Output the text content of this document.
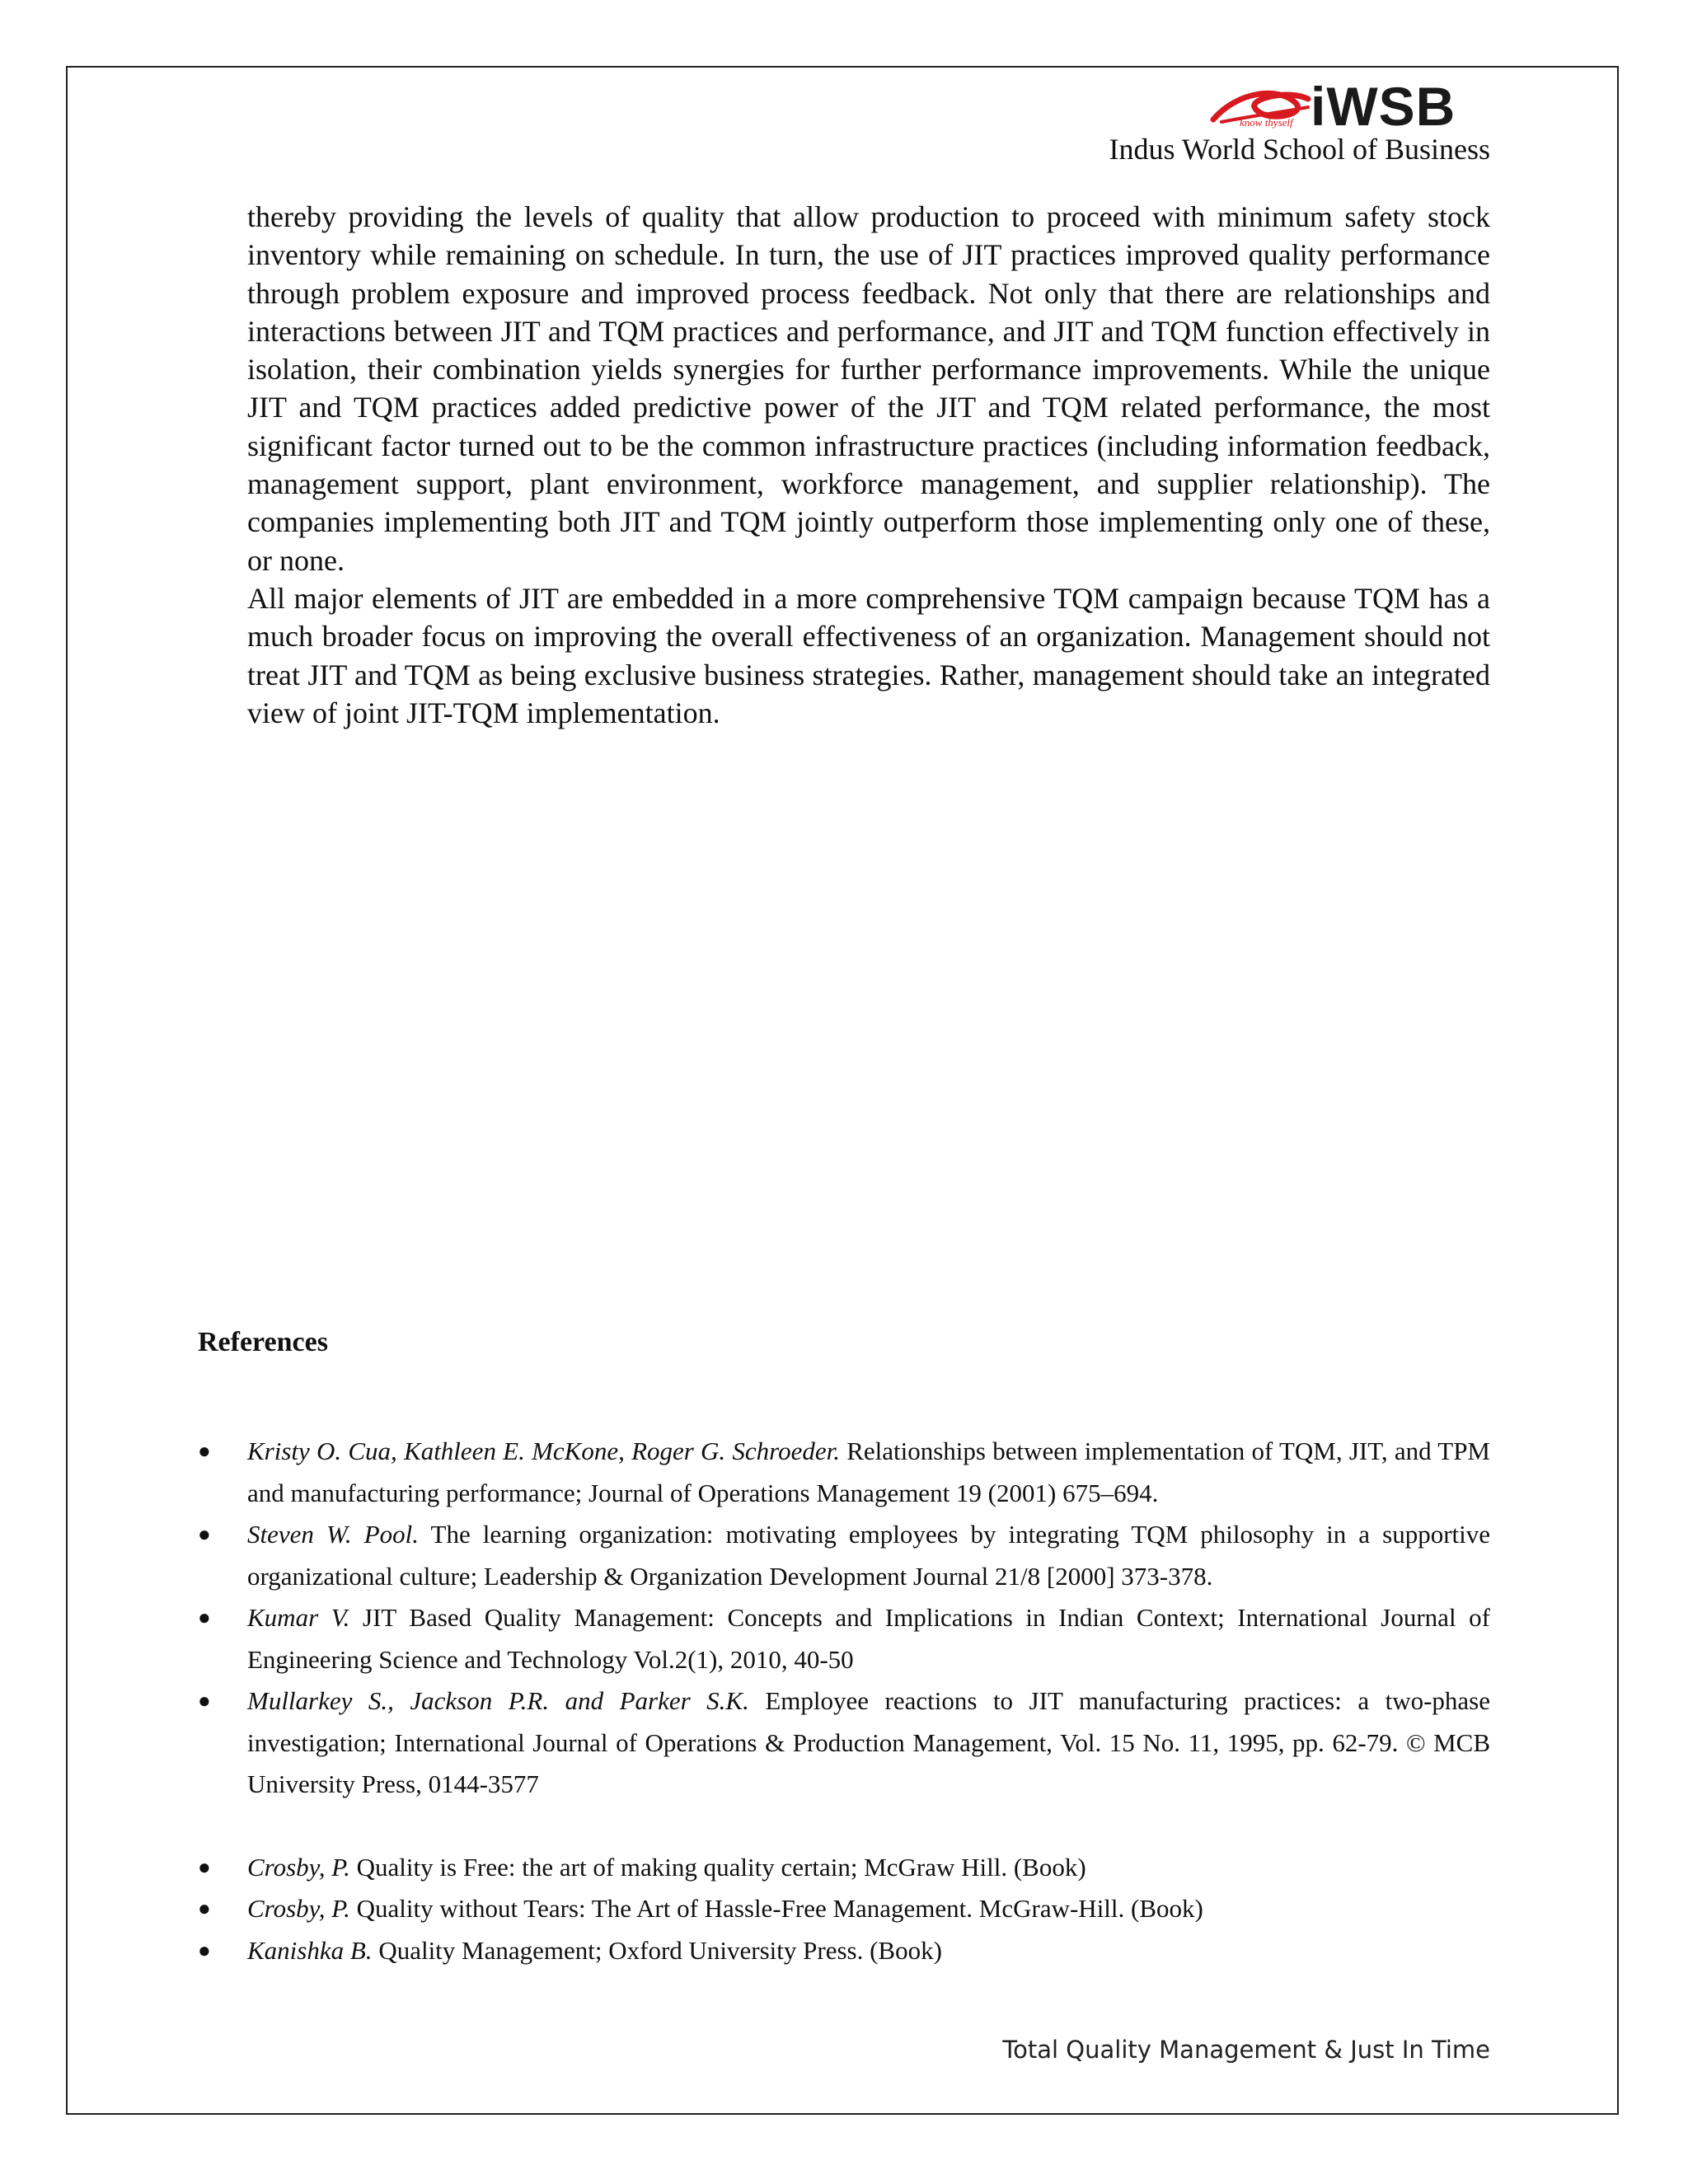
iWSB
know thyself
Indus World School of Business

thereby providing the levels of quality that allow production to proceed with minimum safety stock inventory while remaining on schedule. In turn, the use of JIT practices improved quality performance through problem exposure and improved process feedback. Not only that there are relationships and interactions between JIT and TQM practices and performance, and JIT and TQM function effectively in isolation, their combination yields synergies for further performance improvements. While the unique JIT and TQM practices added predictive power of the JIT and TQM related performance, the most significant factor turned out to be the common infrastructure practices (including information feedback, management support, plant environment, workforce management, and supplier relationship). The companies implementing both JIT and TQM jointly outperform those implementing only one of these, or none.

All major elements of JIT are embedded in a more comprehensive TQM campaign because TQM has a much broader focus on improving the overall effectiveness of an organization. Management should not treat JIT and TQM as being exclusive business strategies. Rather, management should take an integrated view of joint JIT-TQM implementation.

References
● Kristy O. Cua, Kathleen E. McKone, Roger G. Schroeder. Relationships between implementation of TQM, JIT, and TPM and manufacturing performance; Journal of Operations Management 19 (2001) 675–694.
● Steven W. Pool. The learning organization: motivating employees by integrating TQM philosophy in a supportive organizational culture; Leadership & Organization Development Journal 21/8 [2000] 373-378.
● Kumar V. JIT Based Quality Management: Concepts and Implications in Indian Context; International Journal of Engineering Science and Technology Vol.2(1), 2010, 40-50
● Mullarkey S., Jackson P.R. and Parker S.K. Employee reactions to JIT manufacturing practices: a two-phase investigation; International Journal of Operations & Production Management, Vol. 15 No. 11, 1995, pp. 62-79. © MCB University Press, 0144-3577
● Crosby, P. Quality is Free: the art of making quality certain; McGraw Hill. (Book)
● Crosby, P. Quality without Tears: The Art of Hassle-Free Management. McGraw-Hill. (Book)
● Kanishka B. Quality Management; Oxford University Press. (Book)
Total Quality Management & Just In Time
